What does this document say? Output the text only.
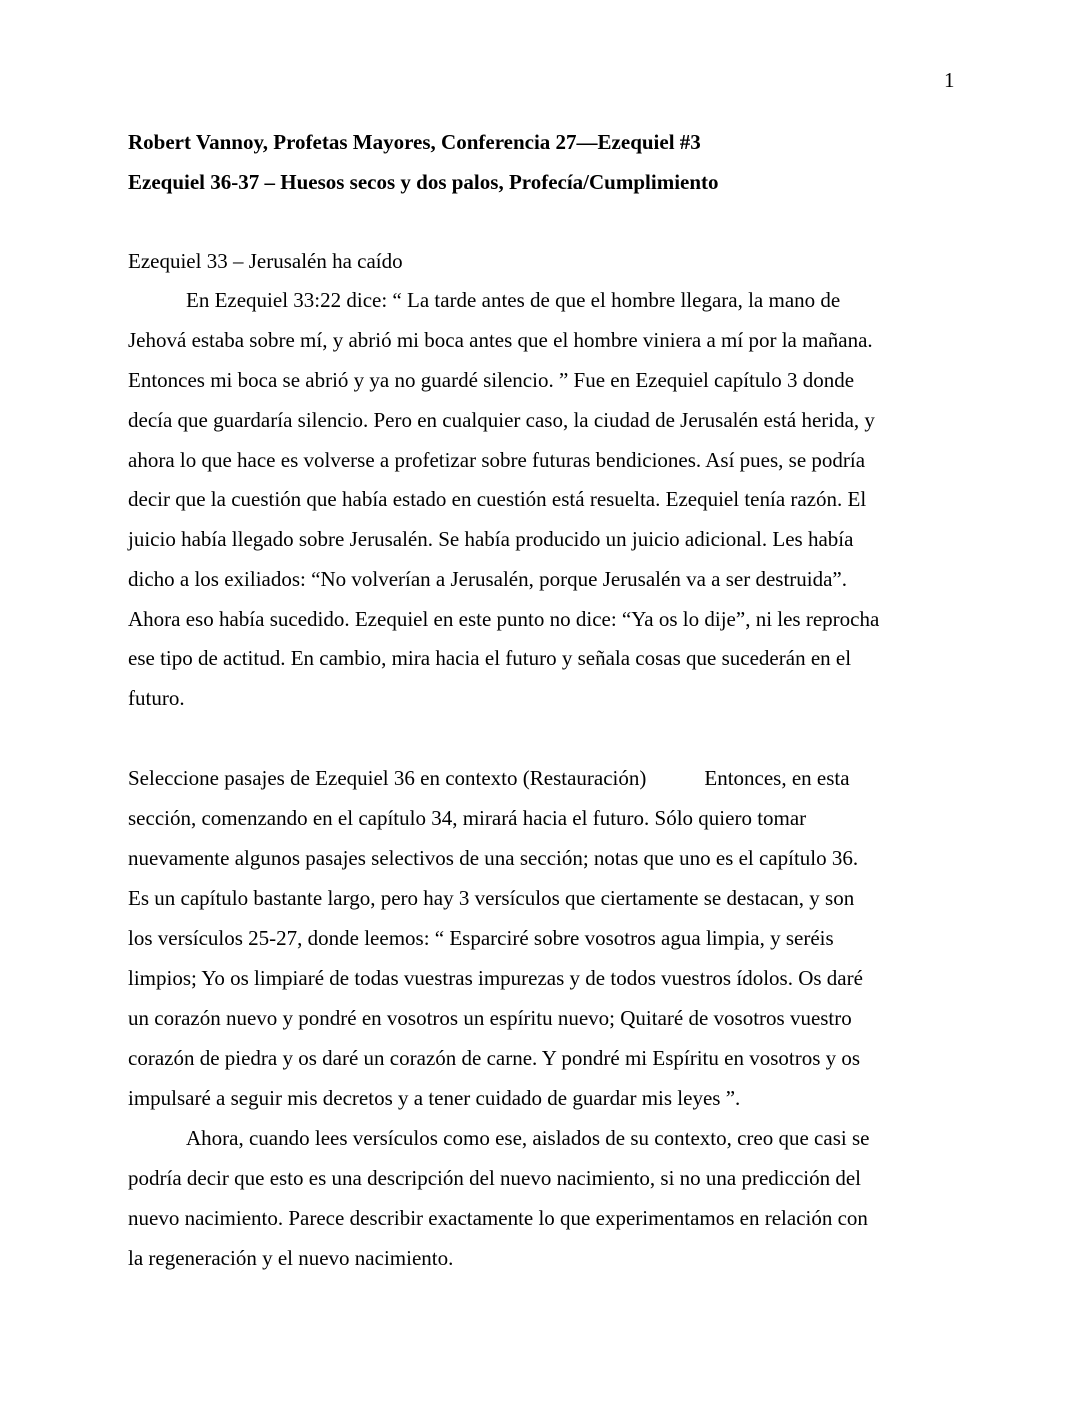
1
Robert Vannoy, Profetas Mayores, Conferencia 27—Ezequiel #3
Ezequiel 36-37 – Huesos secos y dos palos, Profecía/Cumplimiento
Ezequiel 33 – Jerusalén ha caído
En Ezequiel 33:22 dice: “ La tarde antes de que el hombre llegara, la mano de
Jehová estaba sobre mí, y abrió mi boca antes que el hombre viniera a mí por la mañana.
Entonces mi boca se abrió y ya no guardé silencio. ” Fue en Ezequiel capítulo 3 donde
decía que guardaría silencio. Pero en cualquier caso, la ciudad de Jerusalén está herida, y
ahora lo que hace es volverse a profetizar sobre futuras bendiciones. Así pues, se podría
decir que la cuestión que había estado en cuestión está resuelta. Ezequiel tenía razón. El
juicio había llegado sobre Jerusalén. Se había producido un juicio adicional. Les había
dicho a los exiliados: “No volverían a Jerusalén, porque Jerusalén va a ser destruida”.
Ahora eso había sucedido. Ezequiel en este punto no dice: “Ya os lo dije”, ni les reprocha
ese tipo de actitud. En cambio, mira hacia el futuro y señala cosas que sucederán en el
futuro.
Seleccione pasajes de Ezequiel 36 en contexto (Restauración)	Entonces, en esta
sección, comenzando en el capítulo 34, mirará hacia el futuro. Sólo quiero tomar
nuevamente algunos pasajes selectivos de una sección; notas que uno es el capítulo 36.
Es un capítulo bastante largo, pero hay 3 versículos que ciertamente se destacan, y son
los versículos 25-27, donde leemos: “ Esparciré sobre vosotros agua limpia, y seréis
limpios; Yo os limpiaré de todas vuestras impurezas y de todos vuestros ídolos. Os daré
un corazón nuevo y pondré en vosotros un espíritu nuevo; Quitaré de vosotros vuestro
corazón de piedra y os daré un corazón de carne. Y pondré mi Espíritu en vosotros y os
impulsaré a seguir mis decretos y a tener cuidado de guardar mis leyes ”.
Ahora, cuando lees versículos como ese, aislados de su contexto, creo que casi se
podría decir que esto es una descripción del nuevo nacimiento, si no una predicción del
nuevo nacimiento. Parece describir exactamente lo que experimentamos en relación con
la regeneración y el nuevo nacimiento.
